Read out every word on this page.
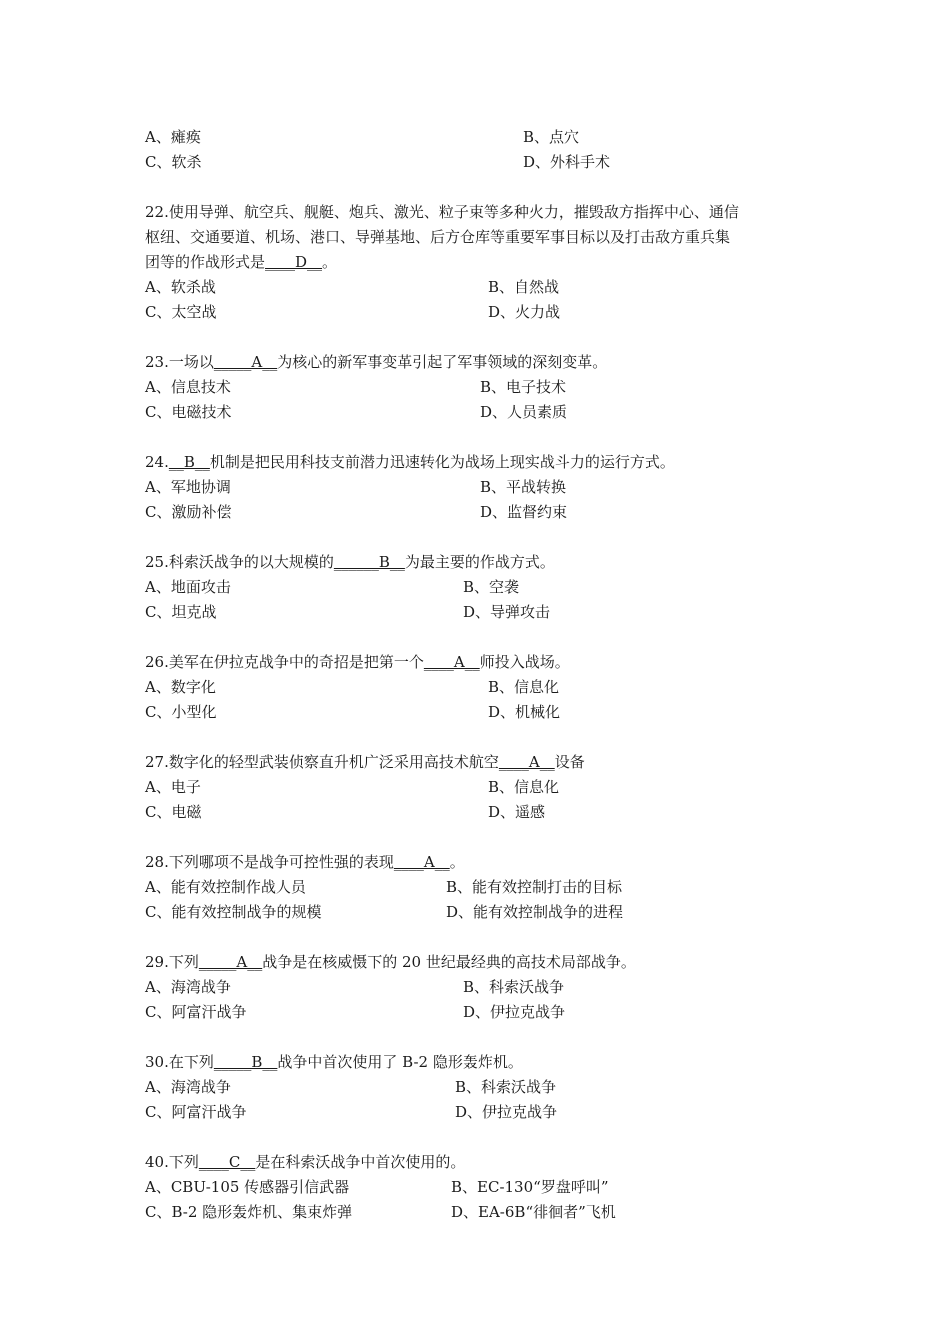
A、瘫痪	B、点穴
C、软杀	D、外科手术
22.使用导弹、航空兵、舰艇、炮兵、激光、粒子束等多种火力，摧毁敌方指挥中心、通信
枢纽、交通要道、机场、港口、导弹基地、后方仓库等重要军事目标以及打击敌方重兵集
团等的作战形式是____D__。
A、软杀战	B、自然战
C、太空战	D、火力战
23.一场以_____A__为核心的新军事变革引起了军事领域的深刻变革。
A、信息技术	B、电子技术
C、电磁技术	D、人员素质
24.__B__机制是把民用科技支前潜力迅速转化为战场上现实战斗力的运行方式。
A、军地协调	B、平战转换
C、激励补偿	D、监督约束
25.科索沃战争的以大规模的______B__为最主要的作战方式。
A、地面攻击	B、空袭
C、坦克战	D、导弹攻击
26.美军在伊拉克战争中的奇招是把第一个____A__师投入战场。
A、数字化	B、信息化
C、小型化	D、机械化
27.数字化的轻型武装侦察直升机广泛采用高技术航空____A__设备
A、电子	B、信息化
C、电磁	D、遥感
28.下列哪项不是战争可控性强的表现____A__。
A、能有效控制作战人员	B、能有效控制打击的目标
C、能有效控制战争的规模	D、能有效控制战争的进程
29.下列_____A__战争是在核威慑下的 20 世纪最经典的高技术局部战争。
A、海湾战争	B、科索沃战争
C、阿富汗战争	D、伊拉克战争
30.在下列_____B__战争中首次使用了 B-2 隐形轰炸机。
A、海湾战争	B、科索沃战争
C、阿富汗战争	D、伊拉克战争
40.下列____C__是在科索沃战争中首次使用的。
A、CBU-105 传感器引信武器	B、EC-130“罗盘呼叫”
C、B-2 隐形轰炸机、集束炸弹	D、EA-6B“徘徊者”飞机
